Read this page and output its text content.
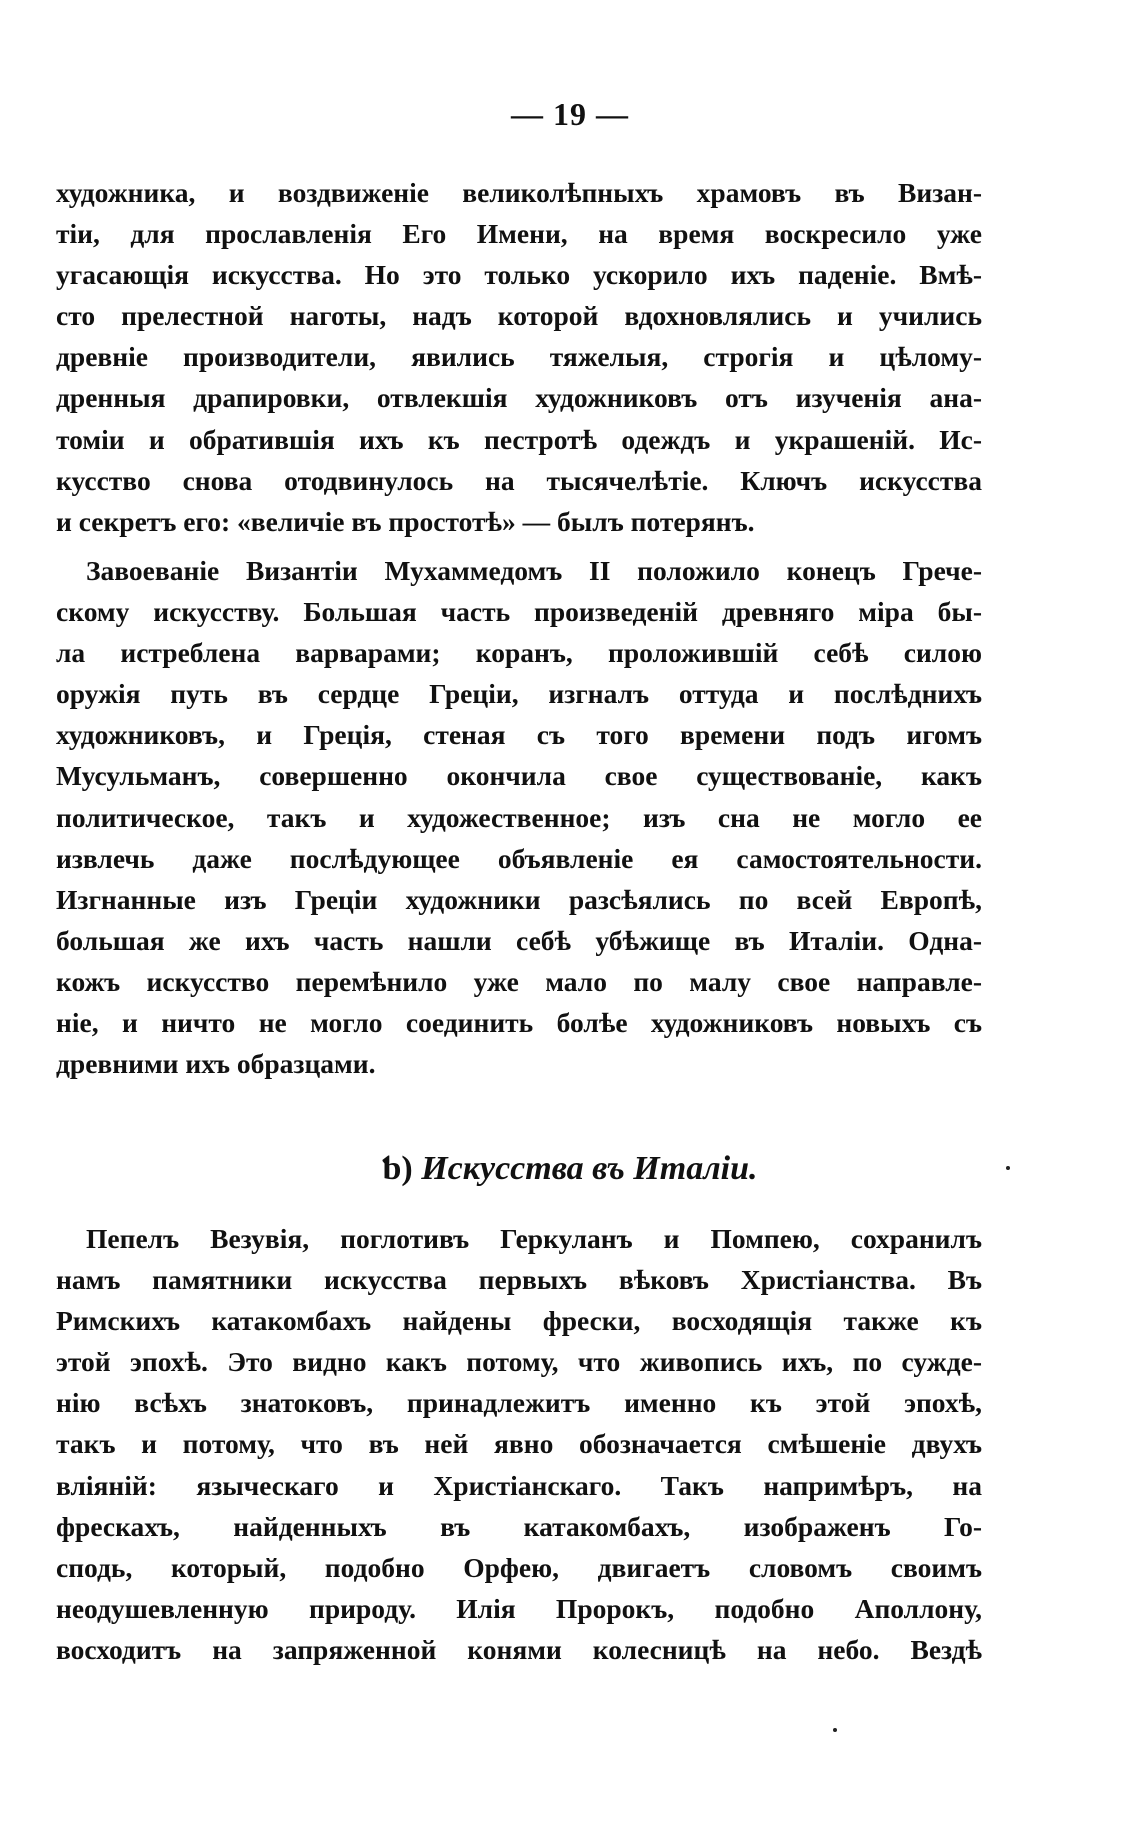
— 19 —
художника, и воздвиженіе великолѣпныхъ храмовъ въ Визан-
тіи, для прославленія Его Имени, на время воскресило уже
угасающія искусства. Но это только ускорило ихъ паденіе. Вмѣ-
сто прелестной наготы, надъ которой вдохновлялись и учились
древніе производители, явились тяжелыя, строгія и цѣлому-
дренныя драпировки, отвлекшія художниковъ отъ изученія ана-
томіи и обратившія ихъ къ пестротѣ одеждъ и украшеній. Ис-
кусство снова отодвинулось на тысячелѣтіе. Ключъ искусства
и секретъ его: «величіе въ простотѣ» — былъ потерянъ.
Завоеваніе Византіи Мухаммедомъ II положило конецъ Грече-
скому искусству. Большая часть произведеній древняго міра бы-
ла истреблена варварами; коранъ, проложившій себѣ силою
оружія путь въ сердце Греціи, изгналъ оттуда и послѣднихъ
художниковъ, и Греція, стеная съ того времени подъ игомъ
Мусульманъ, совершенно окончила свое существованіе, какъ
политическое, такъ и художественное; изъ сна не могло ее
извлечь даже послѣдующее объявленіе ея самостоятельности.
Изгнанные изъ Греціи художники разсѣялись по всей Европѣ,
большая же ихъ часть нашли себѣ убѣжище въ Италіи. Одна-
кожъ искусство перемѣнило уже мало по малу свое направле-
ніе, и ничто не могло соединить болѣе художниковъ новыхъ съ
древними ихъ образцами.
ƅ) Искусства въ Италіи.
Пепелъ Везувія, поглотивъ Геркуланъ и Помпею, сохранилъ
намъ памятники искусства первыхъ вѣковъ Христіанства. Въ
Римскихъ катакомбахъ найдены фрески, восходящія также къ
этой эпохѣ. Это видно какъ потому, что живопись ихъ, по сужде-
нію всѣхъ знатоковъ, принадлежитъ именно къ этой эпохѣ,
такъ и потому, что въ ней явно обозначается смѣшеніе двухъ
вліяній: языческаго и Христіанскаго. Такъ напримѣръ, на
фрескахъ, найденныхъ въ катакомбахъ, изображенъ Го-
сподь, который, подобно Орфею, двигаетъ словомъ своимъ
неодушевленную природу. Илія Пророкъ, подобно Аполлону,
восходитъ на запряженной конями колесницѣ на небо. Вездѣ
